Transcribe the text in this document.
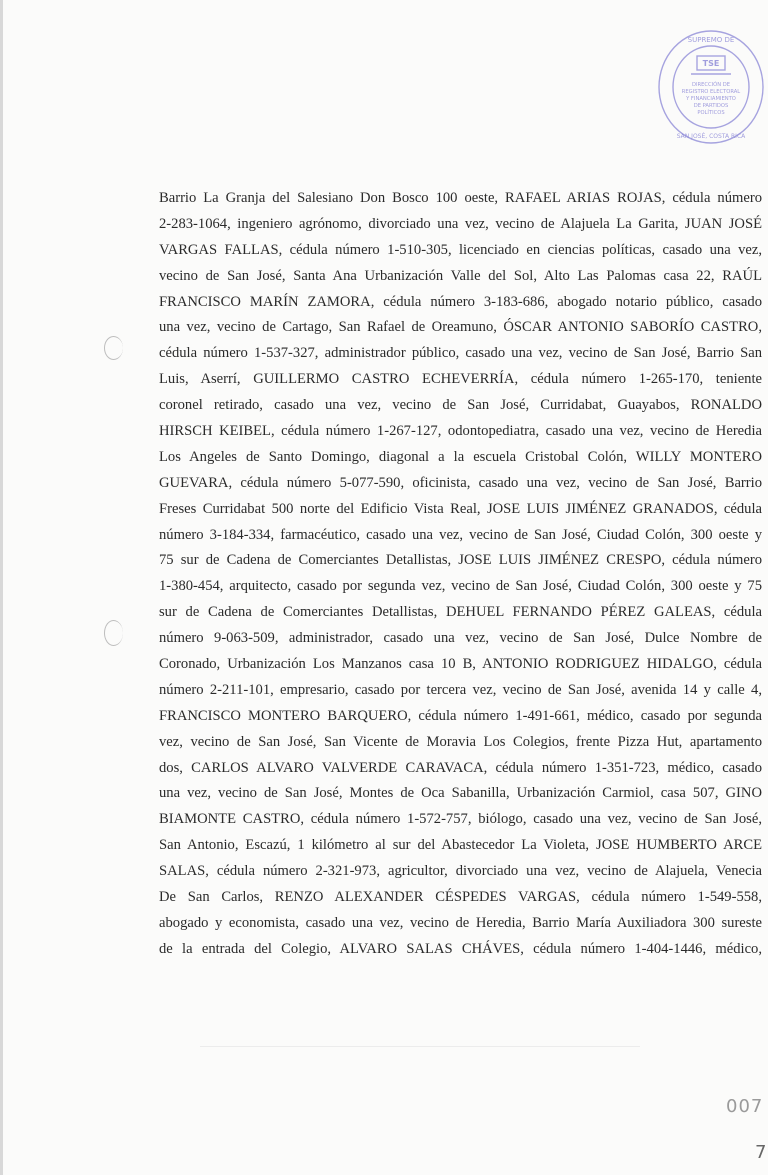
TSE
DIRECCIÓN DE
REGISTRO ELECTORAL
Y FINANCIAMIENTO
DE PARTIDOS
POLÍTICOS
SUPREMO DE
SAN JOSÉ, COSTA RICA
Barrio La Granja del Salesiano Don Bosco 100 oeste, RAFAEL ARIAS ROJAS, cédula número
2-283-1064, ingeniero agrónomo, divorciado una vez, vecino de Alajuela La Garita, JUAN JOSÉ
VARGAS FALLAS, cédula número 1-510-305, licenciado en ciencias políticas, casado una vez,
vecino de San José, Santa Ana Urbanización Valle del Sol, Alto Las Palomas casa 22, RAÚL
FRANCISCO MARÍN ZAMORA, cédula número 3-183-686, abogado notario público, casado
una vez, vecino de Cartago, San Rafael de Oreamuno, ÓSCAR ANTONIO SABORÍO CASTRO,
cédula número 1-537-327, administrador público, casado una vez, vecino de San José, Barrio San
Luis, Aserrí, GUILLERMO CASTRO ECHEVERRÍA, cédula número 1-265-170, teniente
coronel retirado, casado una vez, vecino de San José, Curridabat, Guayabos, RONALDO
HIRSCH KEIBEL, cédula número 1-267-127, odontopediatra, casado una vez, vecino de Heredia
Los Angeles de Santo Domingo, diagonal a la escuela Cristobal Colón, WILLY MONTERO
GUEVARA, cédula número 5-077-590, oficinista, casado una vez, vecino de San José, Barrio
Freses Curridabat 500 norte del Edificio Vista Real, JOSE LUIS JIMÉNEZ GRANADOS, cédula
número 3-184-334, farmacéutico, casado una vez, vecino de San José, Ciudad Colón, 300 oeste y
75 sur de Cadena de Comerciantes Detallistas, JOSE LUIS JIMÉNEZ CRESPO, cédula número
1-380-454, arquitecto, casado por segunda vez, vecino de San José, Ciudad Colón, 300 oeste y 75
sur de Cadena de Comerciantes Detallistas, DEHUEL FERNANDO PÉREZ GALEAS, cédula
número 9-063-509, administrador, casado una vez, vecino de San José, Dulce Nombre de
Coronado, Urbanización Los Manzanos casa 10 B, ANTONIO RODRIGUEZ HIDALGO, cédula
número 2-211-101, empresario, casado por tercera vez, vecino de San José, avenida 14 y calle 4,
FRANCISCO MONTERO BARQUERO, cédula número 1-491-661, médico, casado por segunda
vez, vecino de San José, San Vicente de Moravia Los Colegios, frente Pizza Hut, apartamento
dos, CARLOS ALVARO VALVERDE CARAVACA, cédula número 1-351-723, médico, casado
una vez, vecino de San José, Montes de Oca Sabanilla, Urbanización Carmiol, casa 507, GINO
BIAMONTE CASTRO, cédula número 1-572-757, biólogo, casado una vez, vecino de San José,
San Antonio, Escazú, 1 kilómetro al sur del Abastecedor La Violeta, JOSE HUMBERTO ARCE
SALAS, cédula número 2-321-973, agricultor, divorciado una vez, vecino de Alajuela, Venecia
De San Carlos, RENZO ALEXANDER CÉSPEDES VARGAS, cédula número 1-549-558,
abogado y economista, casado una vez, vecino de Heredia, Barrio María Auxiliadora 300 sureste
de la entrada del Colegio, ALVARO SALAS CHÁVES, cédula número 1-404-1446, médico,
007
7
